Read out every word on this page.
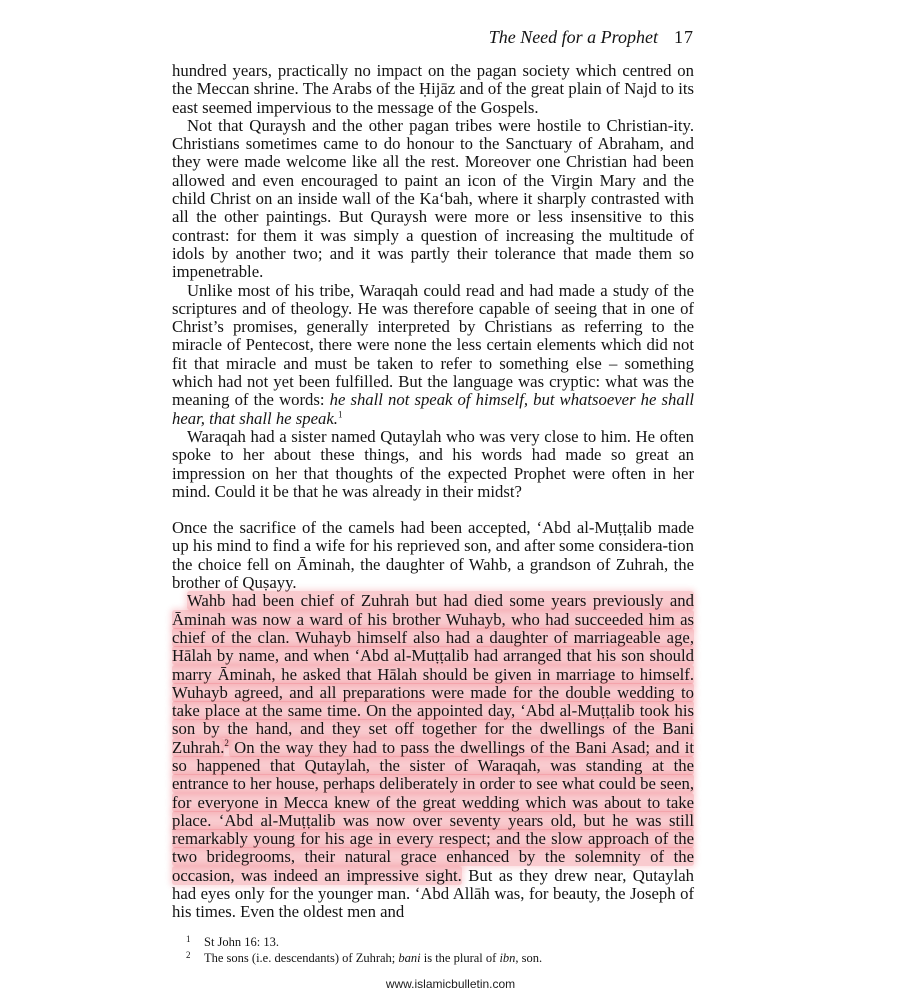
The Need for a Prophet 17

hundred years, practically no impact on the pagan society which centred on the Meccan shrine. The Arabs of the Ḥijāz and of the great plain of Najd to its east seemed impervious to the message of the Gospels.

Not that Quraysh and the other pagan tribes were hostile to Christian-ity. Christians sometimes came to do honour to the Sanctuary of Abraham, and they were made welcome like all the rest. Moreover one Christian had been allowed and even encouraged to paint an icon of the Virgin Mary and the child Christ on an inside wall of the Ka‘bah, where it sharply contrasted with all the other paintings. But Quraysh were more or less insensitive to this contrast: for them it was simply a question of increasing the multitude of idols by another two; and it was partly their tolerance that made them so impenetrable.

Unlike most of his tribe, Waraqah could read and had made a study of the scriptures and of theology. He was therefore capable of seeing that in one of Christ’s promises, generally interpreted by Christians as referring to the miracle of Pentecost, there were none the less certain elements which did not fit that miracle and must be taken to refer to something else – something which had not yet been fulfilled. But the language was cryptic: what was the meaning of the words: he shall not speak of himself, but whatsoever he shall hear, that shall he speak.$^1$

Waraqah had a sister named Qutaylah who was very close to him. He often spoke to her about these things, and his words had made so great an impression on her that thoughts of the expected Prophet were often in her mind. Could it be that he was already in their midst?

Once the sacrifice of the camels had been accepted, ‘Abd al-Muṭṭalib made up his mind to find a wife for his reprieved son, and after some considera-tion the choice fell on Āminah, the daughter of Wahb, a grandson of Zuhrah, the brother of Quṣayy.

Wahb had been chief of Zuhrah but had died some years previously and Āminah was now a ward of his brother Wuhayb, who had succeeded him as chief of the clan. Wuhayb himself also had a daughter of marriageable age, Hālah by name, and when ‘Abd al-Muṭṭalib had arranged that his son should marry Āminah, he asked that Hālah should be given in marriage to himself. Wuhayb agreed, and all preparations were made for the double wedding to take place at the same time. On the appointed day, ‘Abd al-Muṭṭalib took his son by the hand, and they set off together for the dwellings of the Bani Zuhrah.$^2$ On the way they had to pass the dwellings of the Bani Asad; and it so happened that Qutaylah, the sister of Waraqah, was standing at the entrance to her house, perhaps deliberately in order to see what could be seen, for everyone in Mecca knew of the great wedding which was about to take place. ‘Abd al-Muṭṭalib was now over seventy years old, but he was still remarkably young for his age in every respect; and the slow approach of the two bridegrooms, their natural grace enhanced by the solemnity of the occasion, was indeed an impressive sight. But as they drew near, Qutaylah had eyes only for the younger man. ‘Abd Allāh was, for beauty, the Joseph of his times. Even the oldest men and

1	St John 16: 13.
2	The sons (i.e. descendants) of Zuhrah; bani is the plural of ibn, son.
www.islamicbulletin.com
